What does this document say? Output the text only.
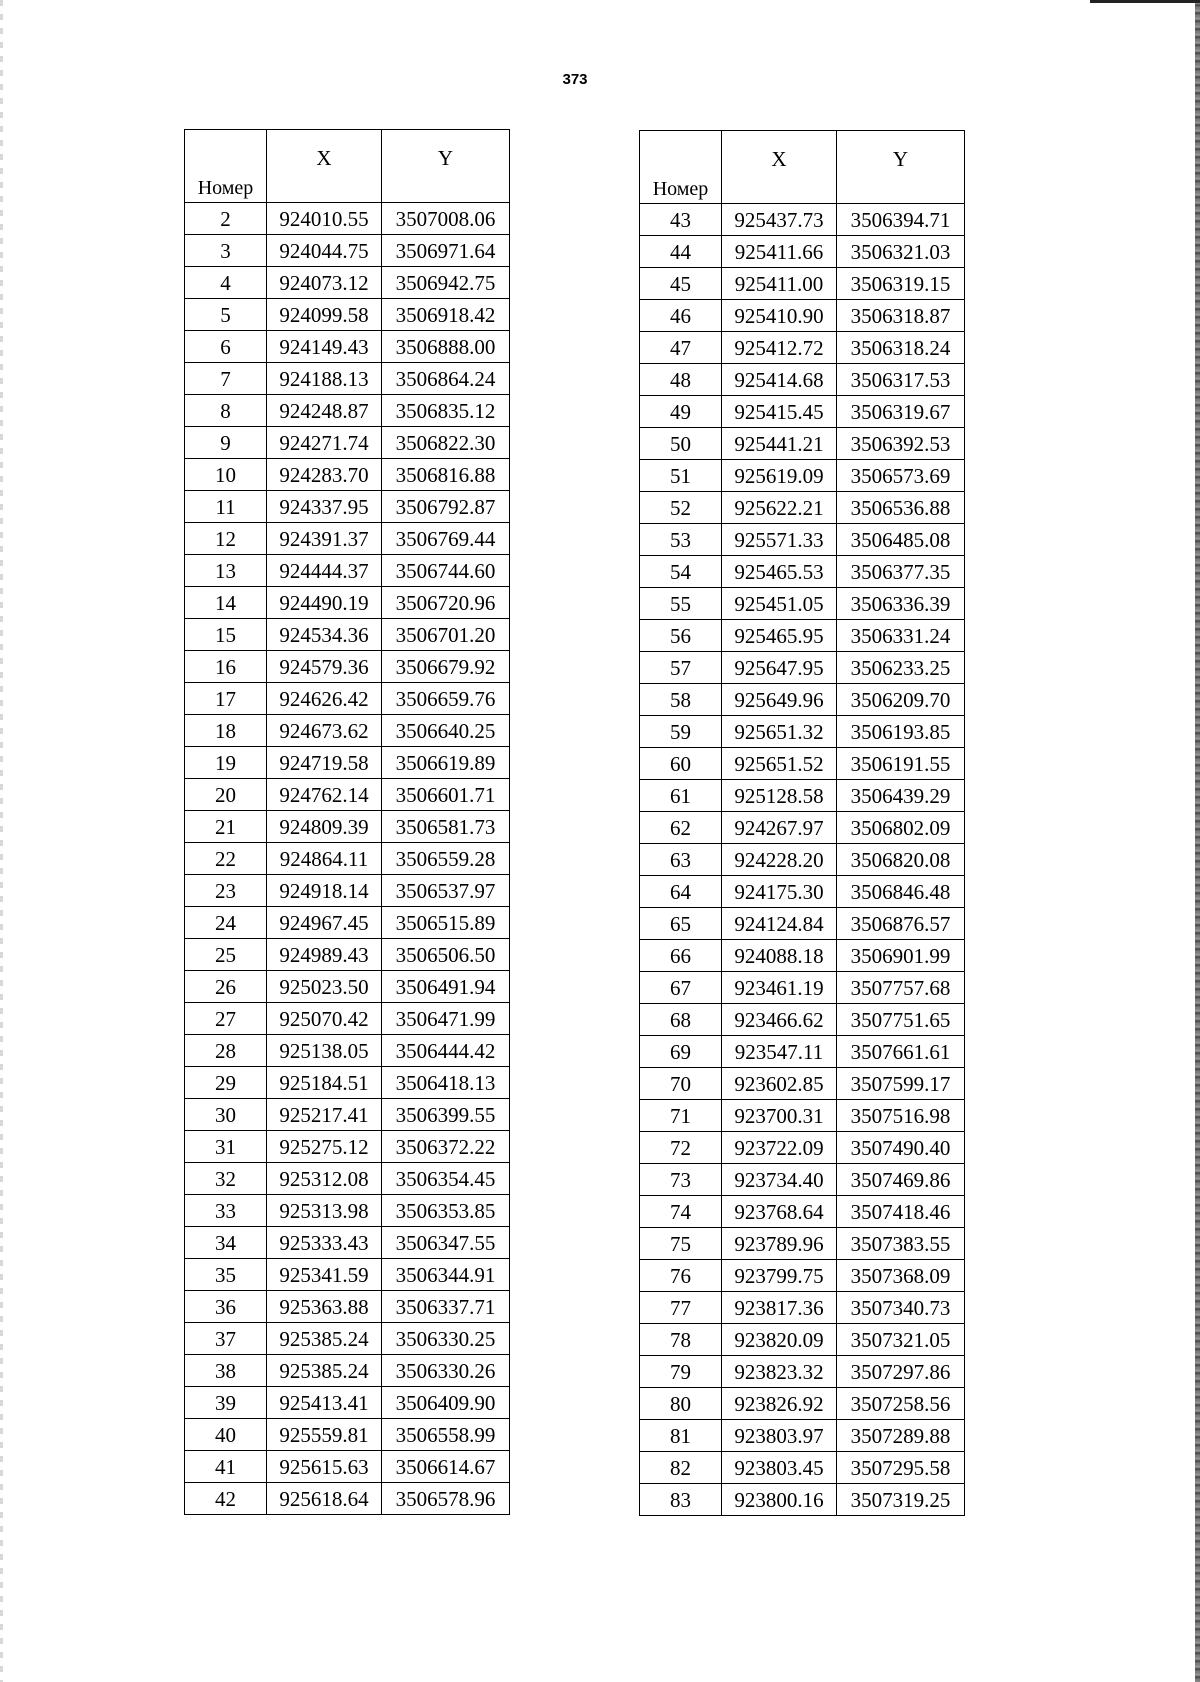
373
Номер	X	Y
2	924010.55	3507008.06
3	924044.75	3506971.64
4	924073.12	3506942.75
5	924099.58	3506918.42
6	924149.43	3506888.00
7	924188.13	3506864.24
8	924248.87	3506835.12
9	924271.74	3506822.30
10	924283.70	3506816.88
11	924337.95	3506792.87
12	924391.37	3506769.44
13	924444.37	3506744.60
14	924490.19	3506720.96
15	924534.36	3506701.20
16	924579.36	3506679.92
17	924626.42	3506659.76
18	924673.62	3506640.25
19	924719.58	3506619.89
20	924762.14	3506601.71
21	924809.39	3506581.73
22	924864.11	3506559.28
23	924918.14	3506537.97
24	924967.45	3506515.89
25	924989.43	3506506.50
26	925023.50	3506491.94
27	925070.42	3506471.99
28	925138.05	3506444.42
29	925184.51	3506418.13
30	925217.41	3506399.55
31	925275.12	3506372.22
32	925312.08	3506354.45
33	925313.98	3506353.85
34	925333.43	3506347.55
35	925341.59	3506344.91
36	925363.88	3506337.71
37	925385.24	3506330.25
38	925385.24	3506330.26
39	925413.41	3506409.90
40	925559.81	3506558.99
41	925615.63	3506614.67
42	925618.64	3506578.96
Номер	X	Y
43	925437.73	3506394.71
44	925411.66	3506321.03
45	925411.00	3506319.15
46	925410.90	3506318.87
47	925412.72	3506318.24
48	925414.68	3506317.53
49	925415.45	3506319.67
50	925441.21	3506392.53
51	925619.09	3506573.69
52	925622.21	3506536.88
53	925571.33	3506485.08
54	925465.53	3506377.35
55	925451.05	3506336.39
56	925465.95	3506331.24
57	925647.95	3506233.25
58	925649.96	3506209.70
59	925651.32	3506193.85
60	925651.52	3506191.55
61	925128.58	3506439.29
62	924267.97	3506802.09
63	924228.20	3506820.08
64	924175.30	3506846.48
65	924124.84	3506876.57
66	924088.18	3506901.99
67	923461.19	3507757.68
68	923466.62	3507751.65
69	923547.11	3507661.61
70	923602.85	3507599.17
71	923700.31	3507516.98
72	923722.09	3507490.40
73	923734.40	3507469.86
74	923768.64	3507418.46
75	923789.96	3507383.55
76	923799.75	3507368.09
77	923817.36	3507340.73
78	923820.09	3507321.05
79	923823.32	3507297.86
80	923826.92	3507258.56
81	923803.97	3507289.88
82	923803.45	3507295.58
83	923800.16	3507319.25
